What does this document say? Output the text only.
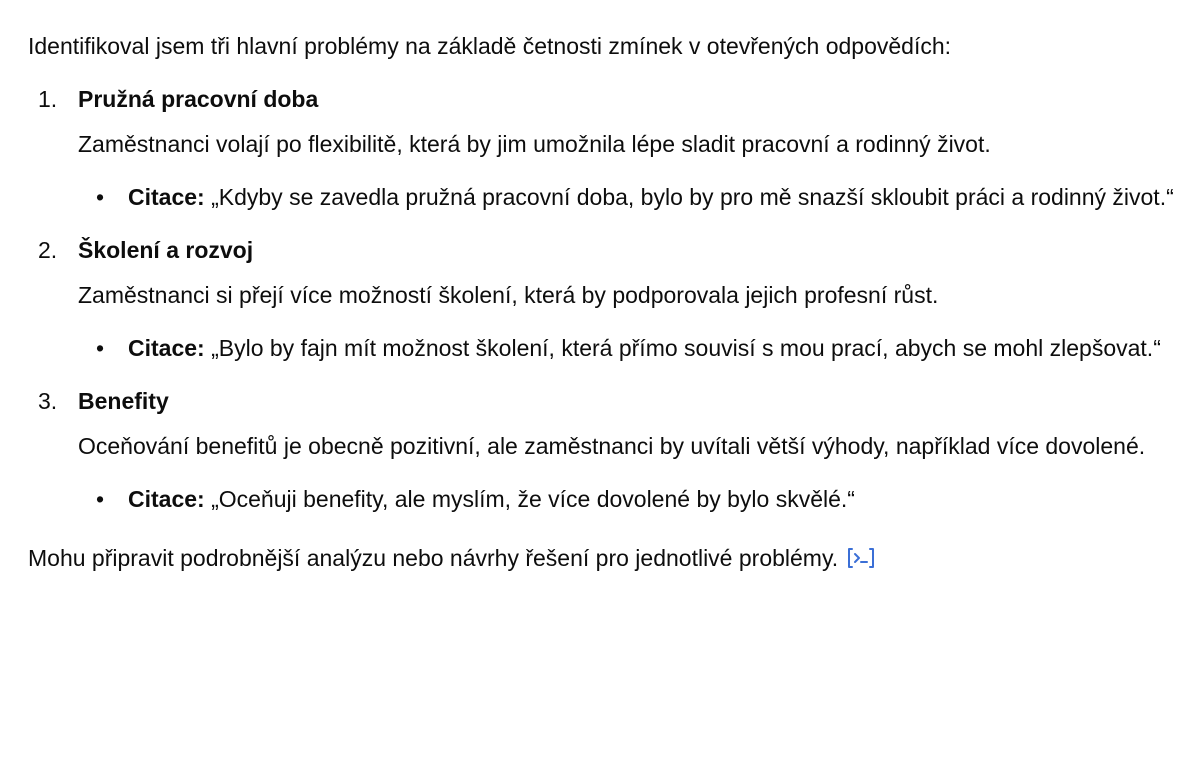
Identifikoval jsem tři hlavní problémy na základě četnosti zmínek v otevřených odpovědích:

1. Pružná pracovní doba

Zaměstnanci volají po flexibilitě, která by jim umožnila lépe sladit pracovní a rodinný život.

• Citace: „Kdyby se zavedla pružná pracovní doba, bylo by pro mě snazší skloubit práci a rodinný život.“
2. Školení a rozvoj

Zaměstnanci si přejí více možností školení, která by podporovala jejich profesní růst.

• Citace: „Bylo by fajn mít možnost školení, která přímo souvisí s mou prací, abych se mohl zlepšovat.“
3. Benefity

Oceňování benefitů je obecně pozitivní, ale zaměstnanci by uvítali větší výhody, například více dovolené.

• Citace: „Oceňuji benefity, ale myslím, že více dovolené by bylo skvělé.“

Mohu připravit podrobnější analýzu nebo návrhy řešení pro jednotlivé problémy.
